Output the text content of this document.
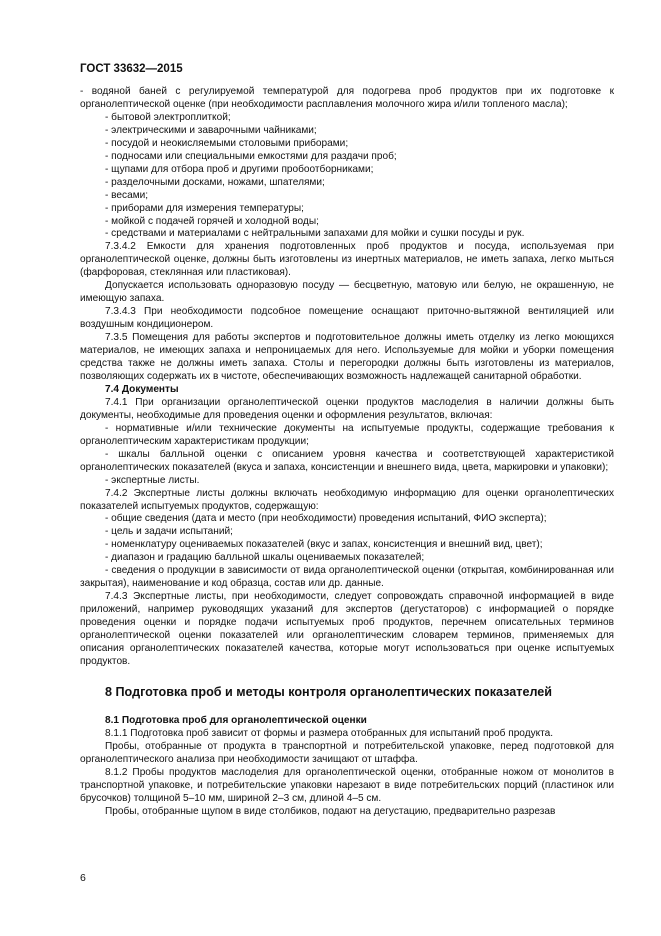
ГОСТ 33632—2015

- водяной баней с регулируемой температурой для подогрева проб продуктов при их подготовке к органолептической оценке (при необходимости расплавления молочного жира и/или топленого масла);

- бытовой электроплиткой;

- электрическими и заварочными чайниками;

- посудой и неокисляемыми столовыми приборами;

- подносами или специальными емкостями для раздачи проб;

- щупами для отбора проб и другими пробоотборниками;

- разделочными досками, ножами, шпателями;

- весами;

- приборами для измерения температуры;

- мойкой с подачей горячей и холодной воды;

- средствами и материалами с нейтральными запахами для мойки и сушки посуды и рук.

7.3.4.2 Емкости для хранения подготовленных проб продуктов и посуда, используемая при органолептической оценке, должны быть изготовлены из инертных материалов, не иметь запаха, легко мыться (фарфоровая, стеклянная или пластиковая).

Допускается использовать одноразовую посуду — бесцветную, матовую или белую, не окрашенную, не имеющую запаха.

7.3.4.3 При необходимости подсобное помещение оснащают приточно-вытяжной вентиляцией или воздушным кондиционером.

7.3.5 Помещения для работы экспертов и подготовительное должны иметь отделку из легко моющихся материалов, не имеющих запаха и непроницаемых для него. Используемые для мойки и уборки помещения средства также не должны иметь запаха. Столы и перегородки должны быть изготовлены из материалов, позволяющих содержать их в чистоте, обеспечивающих возможность надлежащей санитарной обработки.

7.4 Документы

7.4.1 При организации органолептической оценки продуктов маслоделия в наличии должны быть документы, необходимые для проведения оценки и оформления результатов, включая:

- нормативные и/или технические документы на испытуемые продукты, содержащие требования к органолептическим характеристикам продукции;

- шкалы балльной оценки с описанием уровня качества и соответствующей характеристикой органолептических показателей (вкуса и запаха, консистенции и внешнего вида, цвета, маркировки и упаковки);

- экспертные листы.

7.4.2 Экспертные листы должны включать необходимую информацию для оценки органолептических показателей испытуемых продуктов, содержащую:

- общие сведения (дата и место (при необходимости) проведения испытаний, ФИО эксперта);

- цель и задачи испытаний;

- номенклатуру оцениваемых показателей (вкус и запах, консистенция и внешний вид, цвет);

- диапазон и градацию балльной шкалы оцениваемых показателей;

- сведения о продукции в зависимости от вида органолептической оценки (открытая, комбинированная или закрытая), наименование и код образца, состав или др. данные.

7.4.3 Экспертные листы, при необходимости, следует сопровождать справочной информацией в виде приложений, например руководящих указаний для экспертов (дегустаторов) с информацией о порядке проведения оценки и порядке подачи испытуемых проб продуктов, перечнем описательных терминов органолептической оценки показателей или органолептическим словарем терминов, применяемых для описания органолептических показателей качества, которые могут использоваться при оценке испытуемых продуктов.

8 Подготовка проб и методы контроля органолептических показателей

8.1 Подготовка проб для органолептической оценки

8.1.1 Подготовка проб зависит от формы и размера отобранных для испытаний проб продукта.

Пробы, отобранные от продукта в транспортной и потребительской упаковке, перед подготовкой для органолептического анализа при необходимости зачищают от штаффа.

8.1.2 Пробы продуктов маслоделия для органолептической оценки, отобранные ножом от монолитов в транспортной упаковке, и потребительские упаковки нарезают в виде потребительских порций (пластинок или брусочков) толщиной 5–10 мм, шириной 2–3 см, длиной 4–5 см.

Пробы, отобранные щупом в виде столбиков, подают на дегустацию, предварительно разрезав

6
